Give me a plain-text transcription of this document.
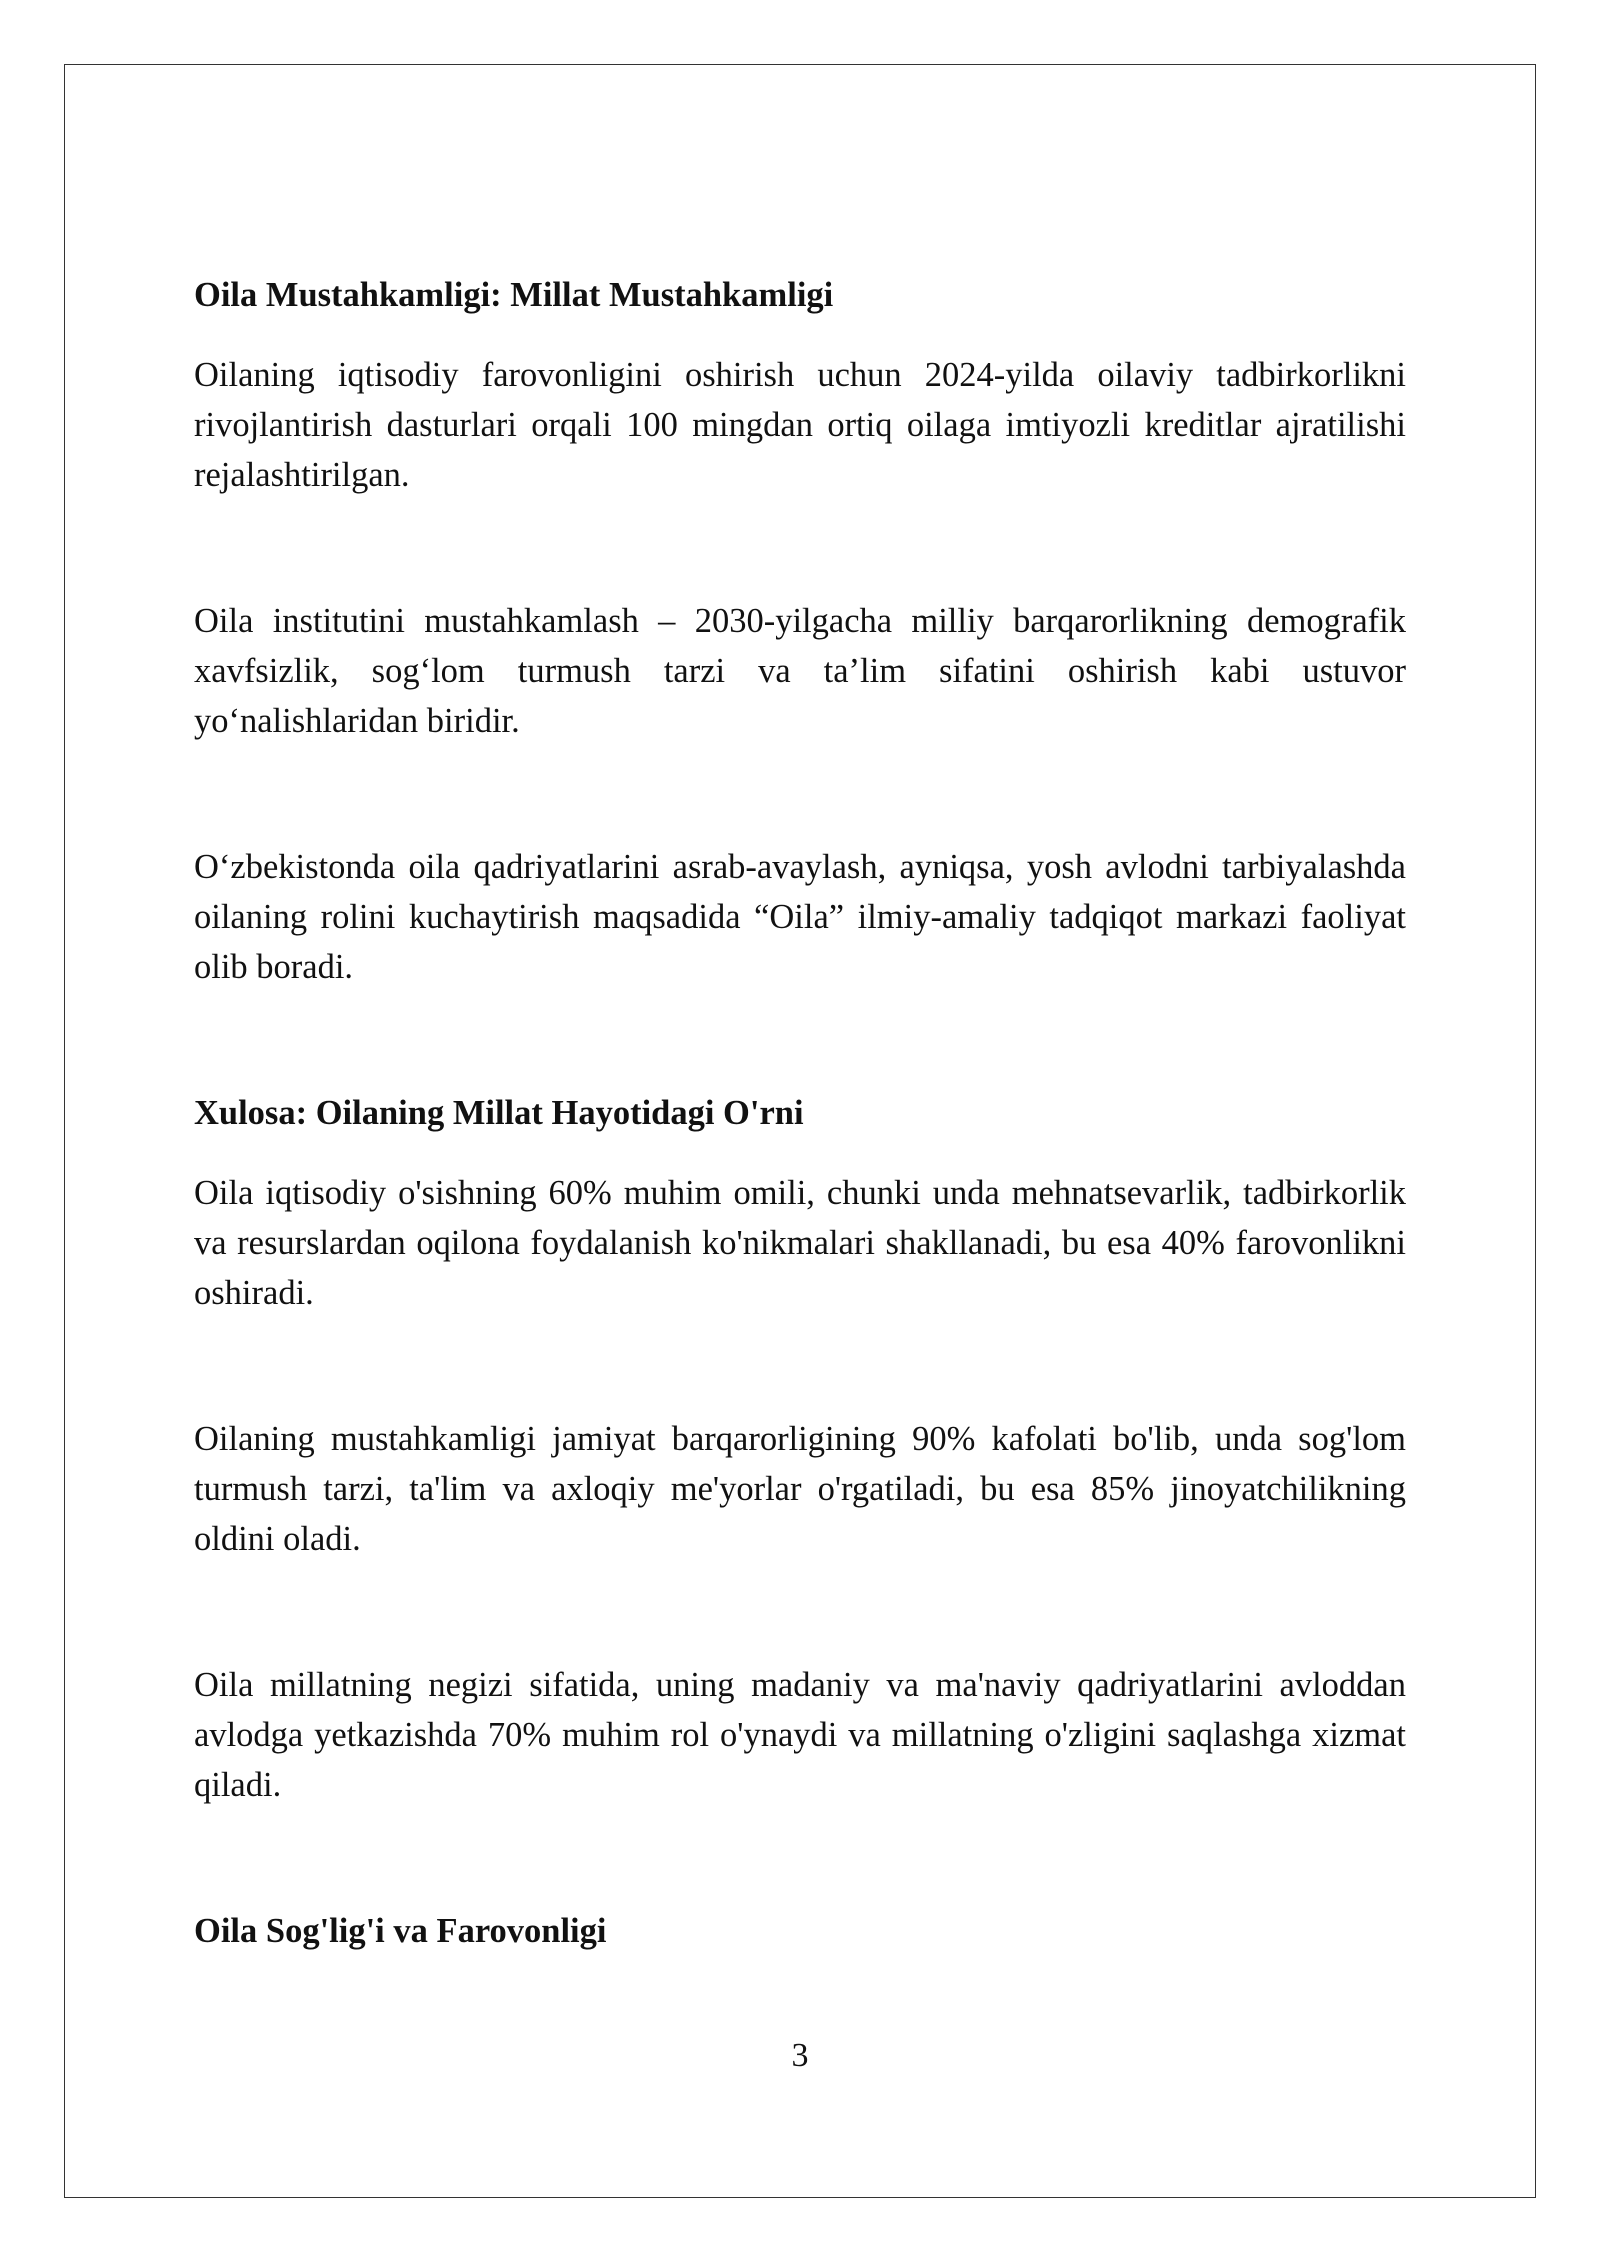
Oila Mustahkamligi: Millat Mustahkamligi

Oilaning iqtisodiy farovonligini oshirish uchun 2024-yilda oilaviy tadbirkorlikni rivojlantirish dasturlari orqali 100 mingdan ortiq oilaga imtiyozli kreditlar ajratilishi rejalashtirilgan.

Oila institutini mustahkamlash – 2030-yilgacha milliy barqarorlikning demografik xavfsizlik, sog‘lom turmush tarzi va ta’lim sifatini oshirish kabi ustuvor yo‘nalishlaridan biridir.

O‘zbekistonda oila qadriyatlarini asrab-avaylash, ayniqsa, yosh avlodni tarbiyalashda oilaning rolini kuchaytirish maqsadida “Oila” ilmiy-amaliy tadqiqot markazi faoliyat olib boradi.

Xulosa: Oilaning Millat Hayotidagi O'rni

Oila iqtisodiy o'sishning 60% muhim omili, chunki unda mehnatsevarlik, tadbirkorlik va resurslardan oqilona foydalanish ko'nikmalari shakllanadi, bu esa 40% farovonlikni oshiradi.

Oilaning mustahkamligi jamiyat barqarorligining 90% kafolati bo'lib, unda sog'lom turmush tarzi, ta'lim va axloqiy me'yorlar o'rgatiladi, bu esa 85% jinoyatchilikning oldini oladi.

Oila millatning negizi sifatida, uning madaniy va ma'naviy qadriyatlarini avloddan avlodga yetkazishda 70% muhim rol o'ynaydi va millatning o'zligini saqlashga xizmat qiladi.

Oila Sog'lig'i va Farovonligi
3
